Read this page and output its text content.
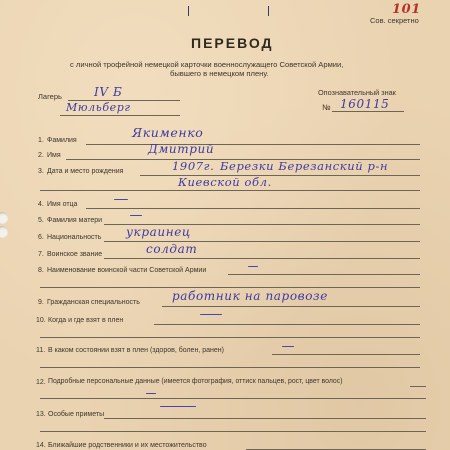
101
Сов. секретно
ПЕРЕВОД
с личной трофейной немецкой карточки военнослужащего Советской Армии,
бывшего в немецком плену.
Лагерь	IV Б
Мюльберг
Опознавательный знак
№ 160115
1. Фамилия
Якименко
2. Имя	Дмитрий
3. Дата и место рождения	1907г. Березки Березанский р-н
Киевской обл.
4. Имя отца
5. Фамилия матери
6. Национальность украинец
7. Воинское звание	солдат
8. Наименование воинской части Советской Армии
9. Гражданская специальность	работник на паровозе
10. Когда и где взят в плен
11. В каком состоянии взят в плен (здоров, болен, ранен)
12. Подробные персональные данные (имеется фотография, оттиск пальцев, рост, цвет волос)
13. Особые приметы
14. Ближайшие родственники и их местожительство
